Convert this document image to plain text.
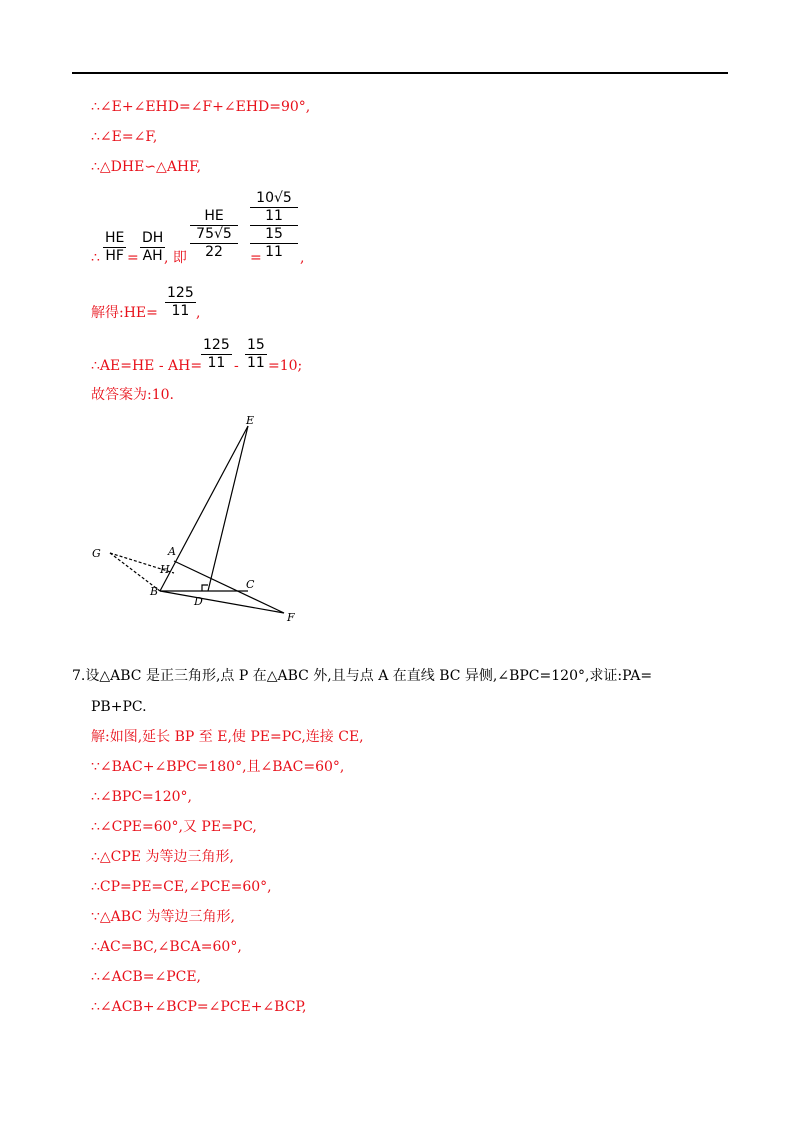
∴∠E+∠EHD=∠F+∠EHD=90°,
∴∠E=∠F,
∴△DHE∽△AHF,
∴ $\frac{HE}{HF} = \frac{DH}{AH}$
, 即
HE
75√5
22	=
10√5
11
15
11	,
解得:HE= $\frac{125}{11}$ ,
∴AE=HE - AH=
$\frac{125}{11} - \frac{15}{11} =10$;
故答案为:10.
E
A
G
H
C
B
D
F
7.设△ABC 是正三角形,点 P 在△ABC 外,且与点 A 在直线 BC 异侧,∠BPC=120°,求证:PA=
PB+PC.
解:如图,延长 BP 至 E,使 PE=PC,连接 CE,
∵∠BAC+∠BPC=180°,且∠BAC=60°,
∴∠BPC=120°,
∴∠CPE=60°,又 PE=PC,
∴△CPE 为等边三角形,
∴CP=PE=CE,∠PCE=60°,
∵△ABC 为等边三角形,
∴AC=BC,∠BCA=60°,
∴∠ACB=∠PCE,
∴∠ACB+∠BCP=∠PCE+∠BCP,
